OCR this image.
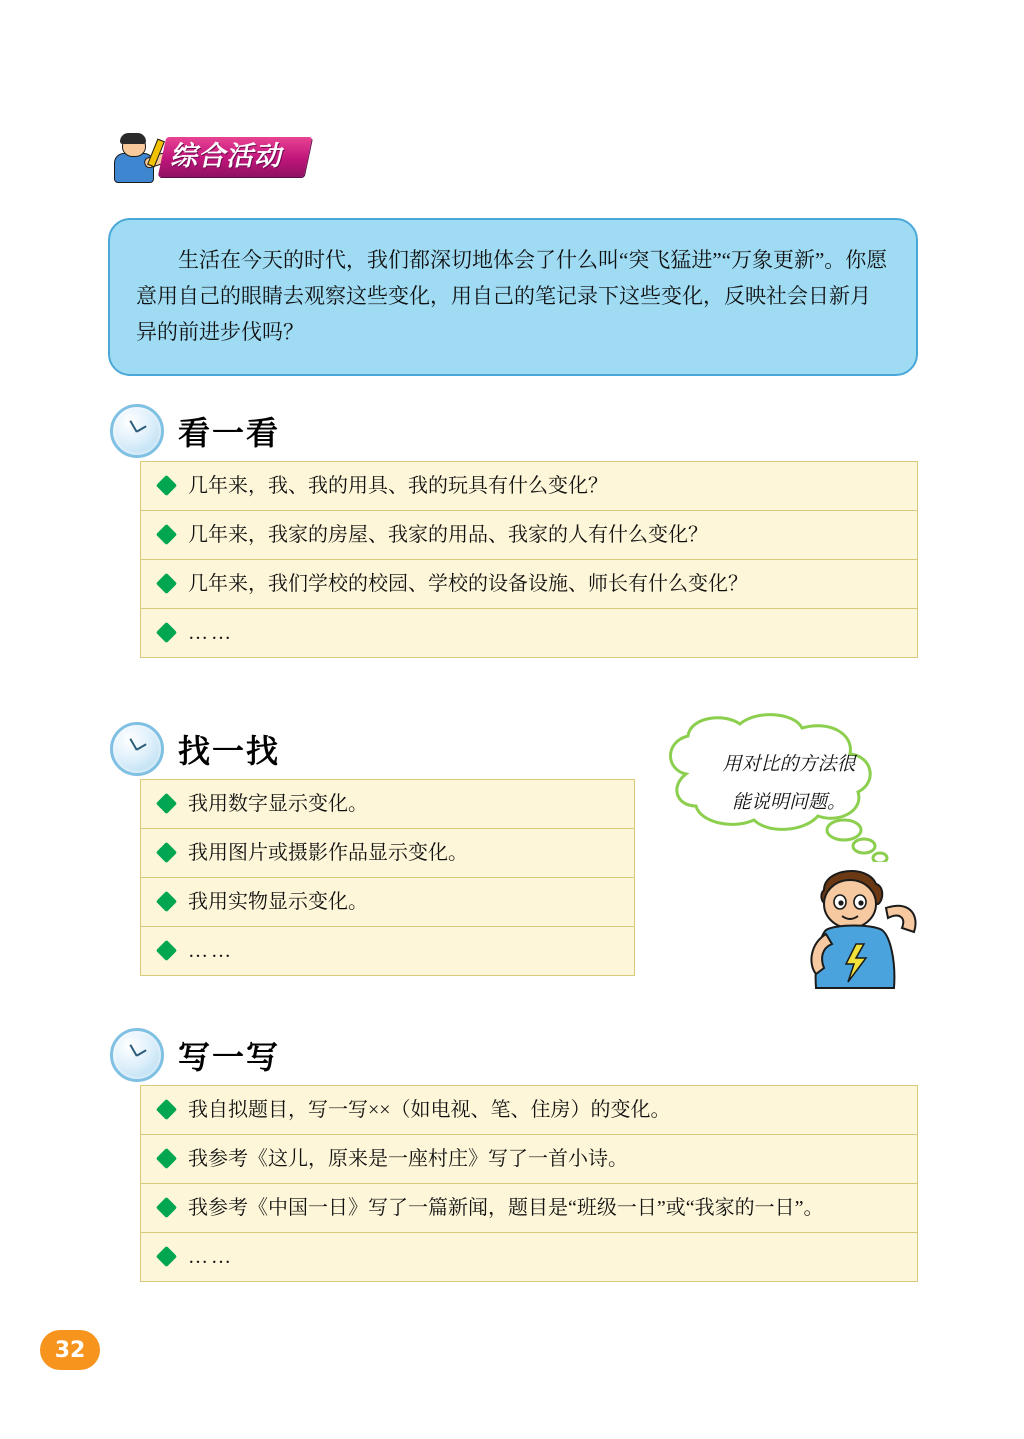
综合活动
生活在今天的时代，我们都深切地体会了什么叫“突飞猛进”“万象更新”。你愿意用自己的眼睛去观察这些变化，用自己的笔记录下这些变化，反映社会日新月异的前进步伐吗？
看一看
几年来，我、我的用具、我的玩具有什么变化？
几年来，我家的房屋、我家的用品、我家的人有什么变化？
几年来，我们学校的校园、学校的设备设施、师长有什么变化？
……
找一找
我用数字显示变化。
我用图片或摄影作品显示变化。
我用实物显示变化。
……
用对比的方法很
能说明问题。
写一写
我自拟题目，写一写××（如电视、笔、住房）的变化。
我参考《这儿，原来是一座村庄》写了一首小诗。
我参考《中国一日》写了一篇新闻，题目是“班级一日”或“我家的一日”。
……
32
